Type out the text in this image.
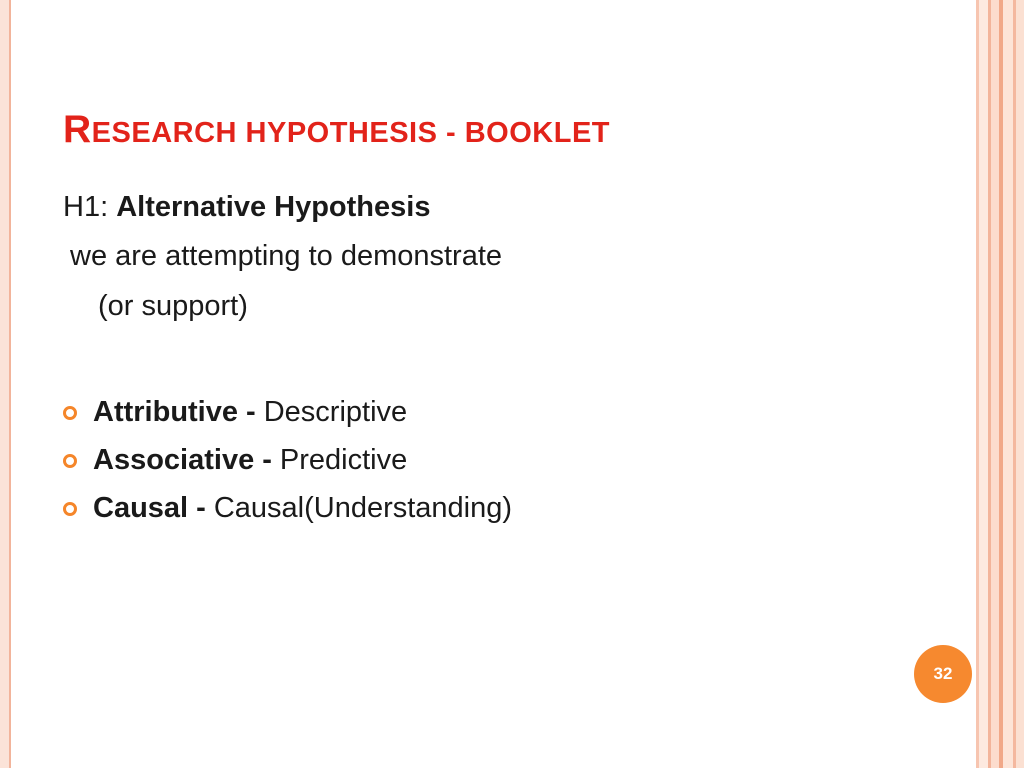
RESEARCH HYPOTHESIS - BOOKLET

H1: Alternative Hypothesis

we are attempting to demonstrate

(or support)

Attributive - Descriptive
Associative - Predictive
Causal - Causal(Understanding)
32
